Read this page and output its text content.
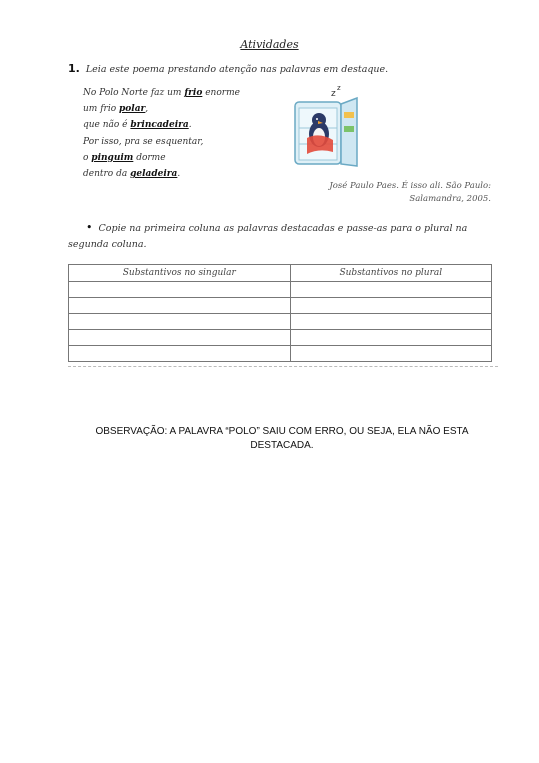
Atividades
1. Leia este poema prestando atenção nas palavras em destaque.
No Polo Norte faz um frio enorme
um frio polar,
que não é brincadeira.
Por isso, pra se esquentar,
o pinguim dorme
dentro da geladeira.
z
z
José Paulo Paes. É isso ali. São Paulo:
Salamandra, 2005.
• Copie na primeira coluna as palavras destacadas e passe-as para o plural na segunda coluna.
Substantivos no singular	Substantivos no plural

OBSERVAÇÃO: A PALAVRA “POLO” SAIU COM ERRO, OU SEJA, ELA NÃO ESTA DESTACADA.
